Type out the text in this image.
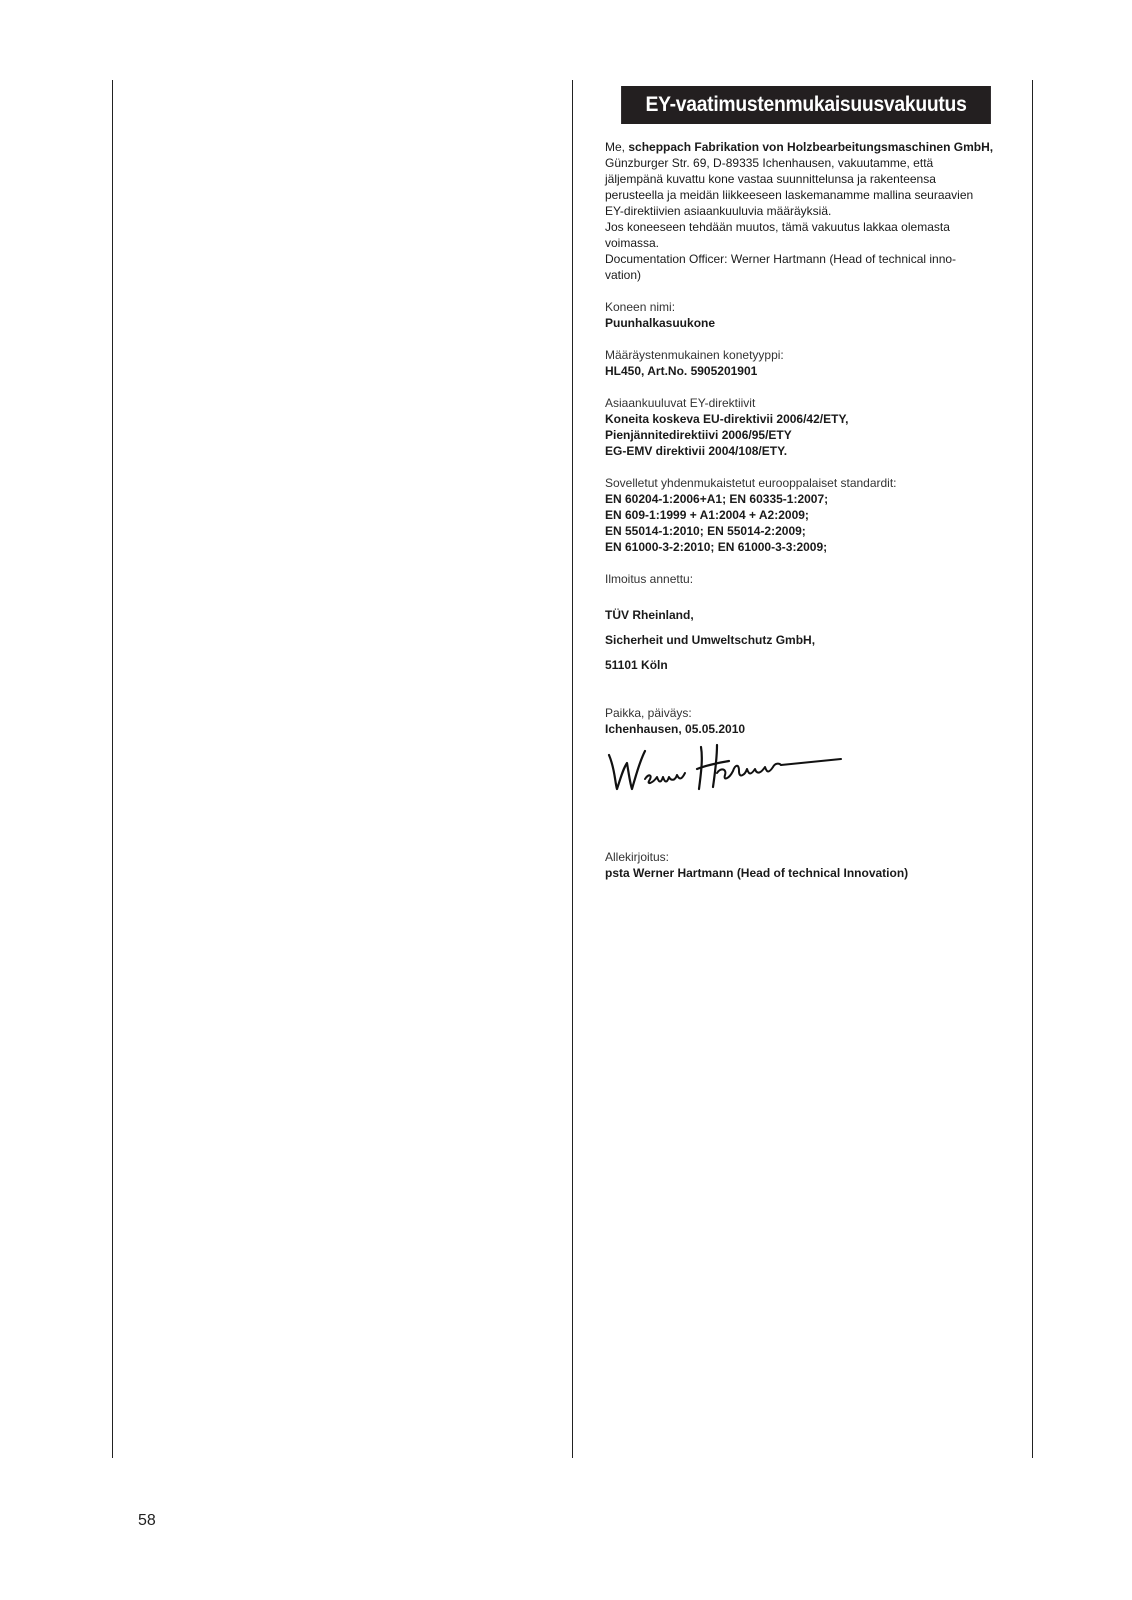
EY-vaatimustenmukaisuusvakuutus
Me, scheppach Fabrikation von Holzbearbeitungsmaschinen GmbH,
Günzburger Str. 69, D-89335 Ichenhausen, vakuutamme, että
jäljempänä kuvattu kone vastaa suunnittelunsa ja rakenteensa
perusteella ja meidän liikkeeseen laskemanamme mallina seuraavien
EY-direktiivien asiaankuuluvia määräyksiä.
Jos koneeseen tehdään muutos, tämä vakuutus lakkaa olemasta
voimassa.
Documentation Officer: Werner Hartmann (Head of technical inno-
vation)

Koneen nimi:

Puunhalkasuukone

Määräystenmukainen konetyyppi:

HL450, Art.No. 5905201901

Asiaankuuluvat EY-direktiivit

Koneita koskeva EU-direktivii 2006/42/ETY,

Pienjännitedirektiivi 2006/95/ETY

EG-EMV direktivii 2004/108/ETY.

Sovelletut yhdenmukaistetut eurooppalaiset standardit:

EN 60204-1:2006+A1; EN 60335-1:2007;

EN 609-1:1999 + A1:2004 + A2:2009;

EN 55014-1:2010; EN 55014-2:2009;

EN 61000-3-2:2010; EN 61000-3-3:2009;

Ilmoitus annettu:

TÜV Rheinland,

Sicherheit und Umweltschutz GmbH,

51101 Köln

Paikka, päiväys:

Ichenhausen, 05.05.2010

Allekirjoitus:

psta Werner Hartmann (Head of technical Innovation)

58
